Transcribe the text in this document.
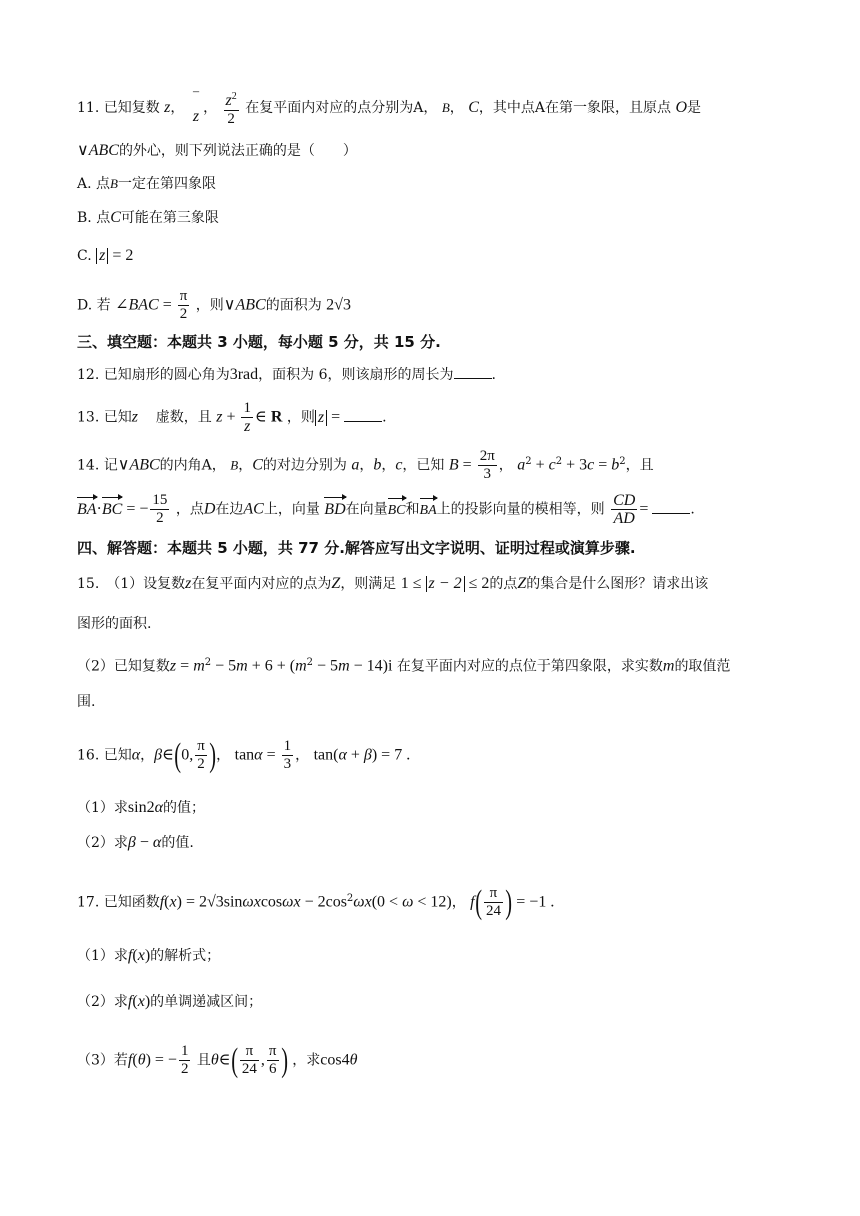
11. 已知复数 z， ‾
z ， $\frac{z^2}{2}$ 在复平面内对应的点分别为A， B， C，其中点A在第一象限，且原点 O是
∨ABC的外心，则下列说法正确的是（　　）
A. 点B一定在第四象限
B. 点C可能在第三象限
C. z = 2
D. 若 ∠BAC = $\frac{\pi}{2}$ ，则∨ABC的面积为 2√3
三、填空题：本题共 3 小题，每小题 5 分，共 15 分.
12. 已知扇形的圆心角为3rad，面积为 6，则该扇形的周长为	.
13. 已知z 虚数，且 $z + \frac{1}{z}$ ∈ R ，则 z =	.
14. 记∨ABC的内角A， B，C的对边分别为 a，b，c，已知 $B = \frac{2\pi}{3}$ ， $a^2 + c^2 + 3c = b^2$，且
BA·BC = − $\frac{15}{2}$ ，点D在边AC上，向量 BD在向量BC和BA上的投影向量的模相等，则 $\frac{CD}{AD}$ =	.
四、解答题：本题共 5 小题，共 77 分.解答应写出文字说明、证明过程或演算步骤.
15.　（1）设复数z在复平面内对应的点为Z，则满足 1 ≤ z − 2 ≤ 2的点Z的集合是什么图形？请求出该
图形的面积.
（2）已知复数$z = m^2 - 5m + 6 + (m^2 - 5m - 14)i$ 在复平面内对应的点位于第四象限，求实数m的取值范
围.
16. 已知α，β∈(0, $\frac{\pi}{2}$ )， $\tan\alpha = \frac{1}{3}$ ， tan(α + β) = 7 .
（1）求sin2α的值；
（2）求β − α的值.
17. 已知函数$f(x) = 2√3\sin\omega xcos\omega x - 2\cos^2\omega x(0 < \omega < 12)$， $f( \frac{\pi}{24}$ ) = −1 .
（1）求f(x)的解析式；
（2）求f(x)的单调递减区间；
（3）若f(θ) = − $\frac{1}{2}$ 且θ∈( $\frac{\pi}{24}$ , $\frac{\pi}{6}$ ) ，求cos4θ
